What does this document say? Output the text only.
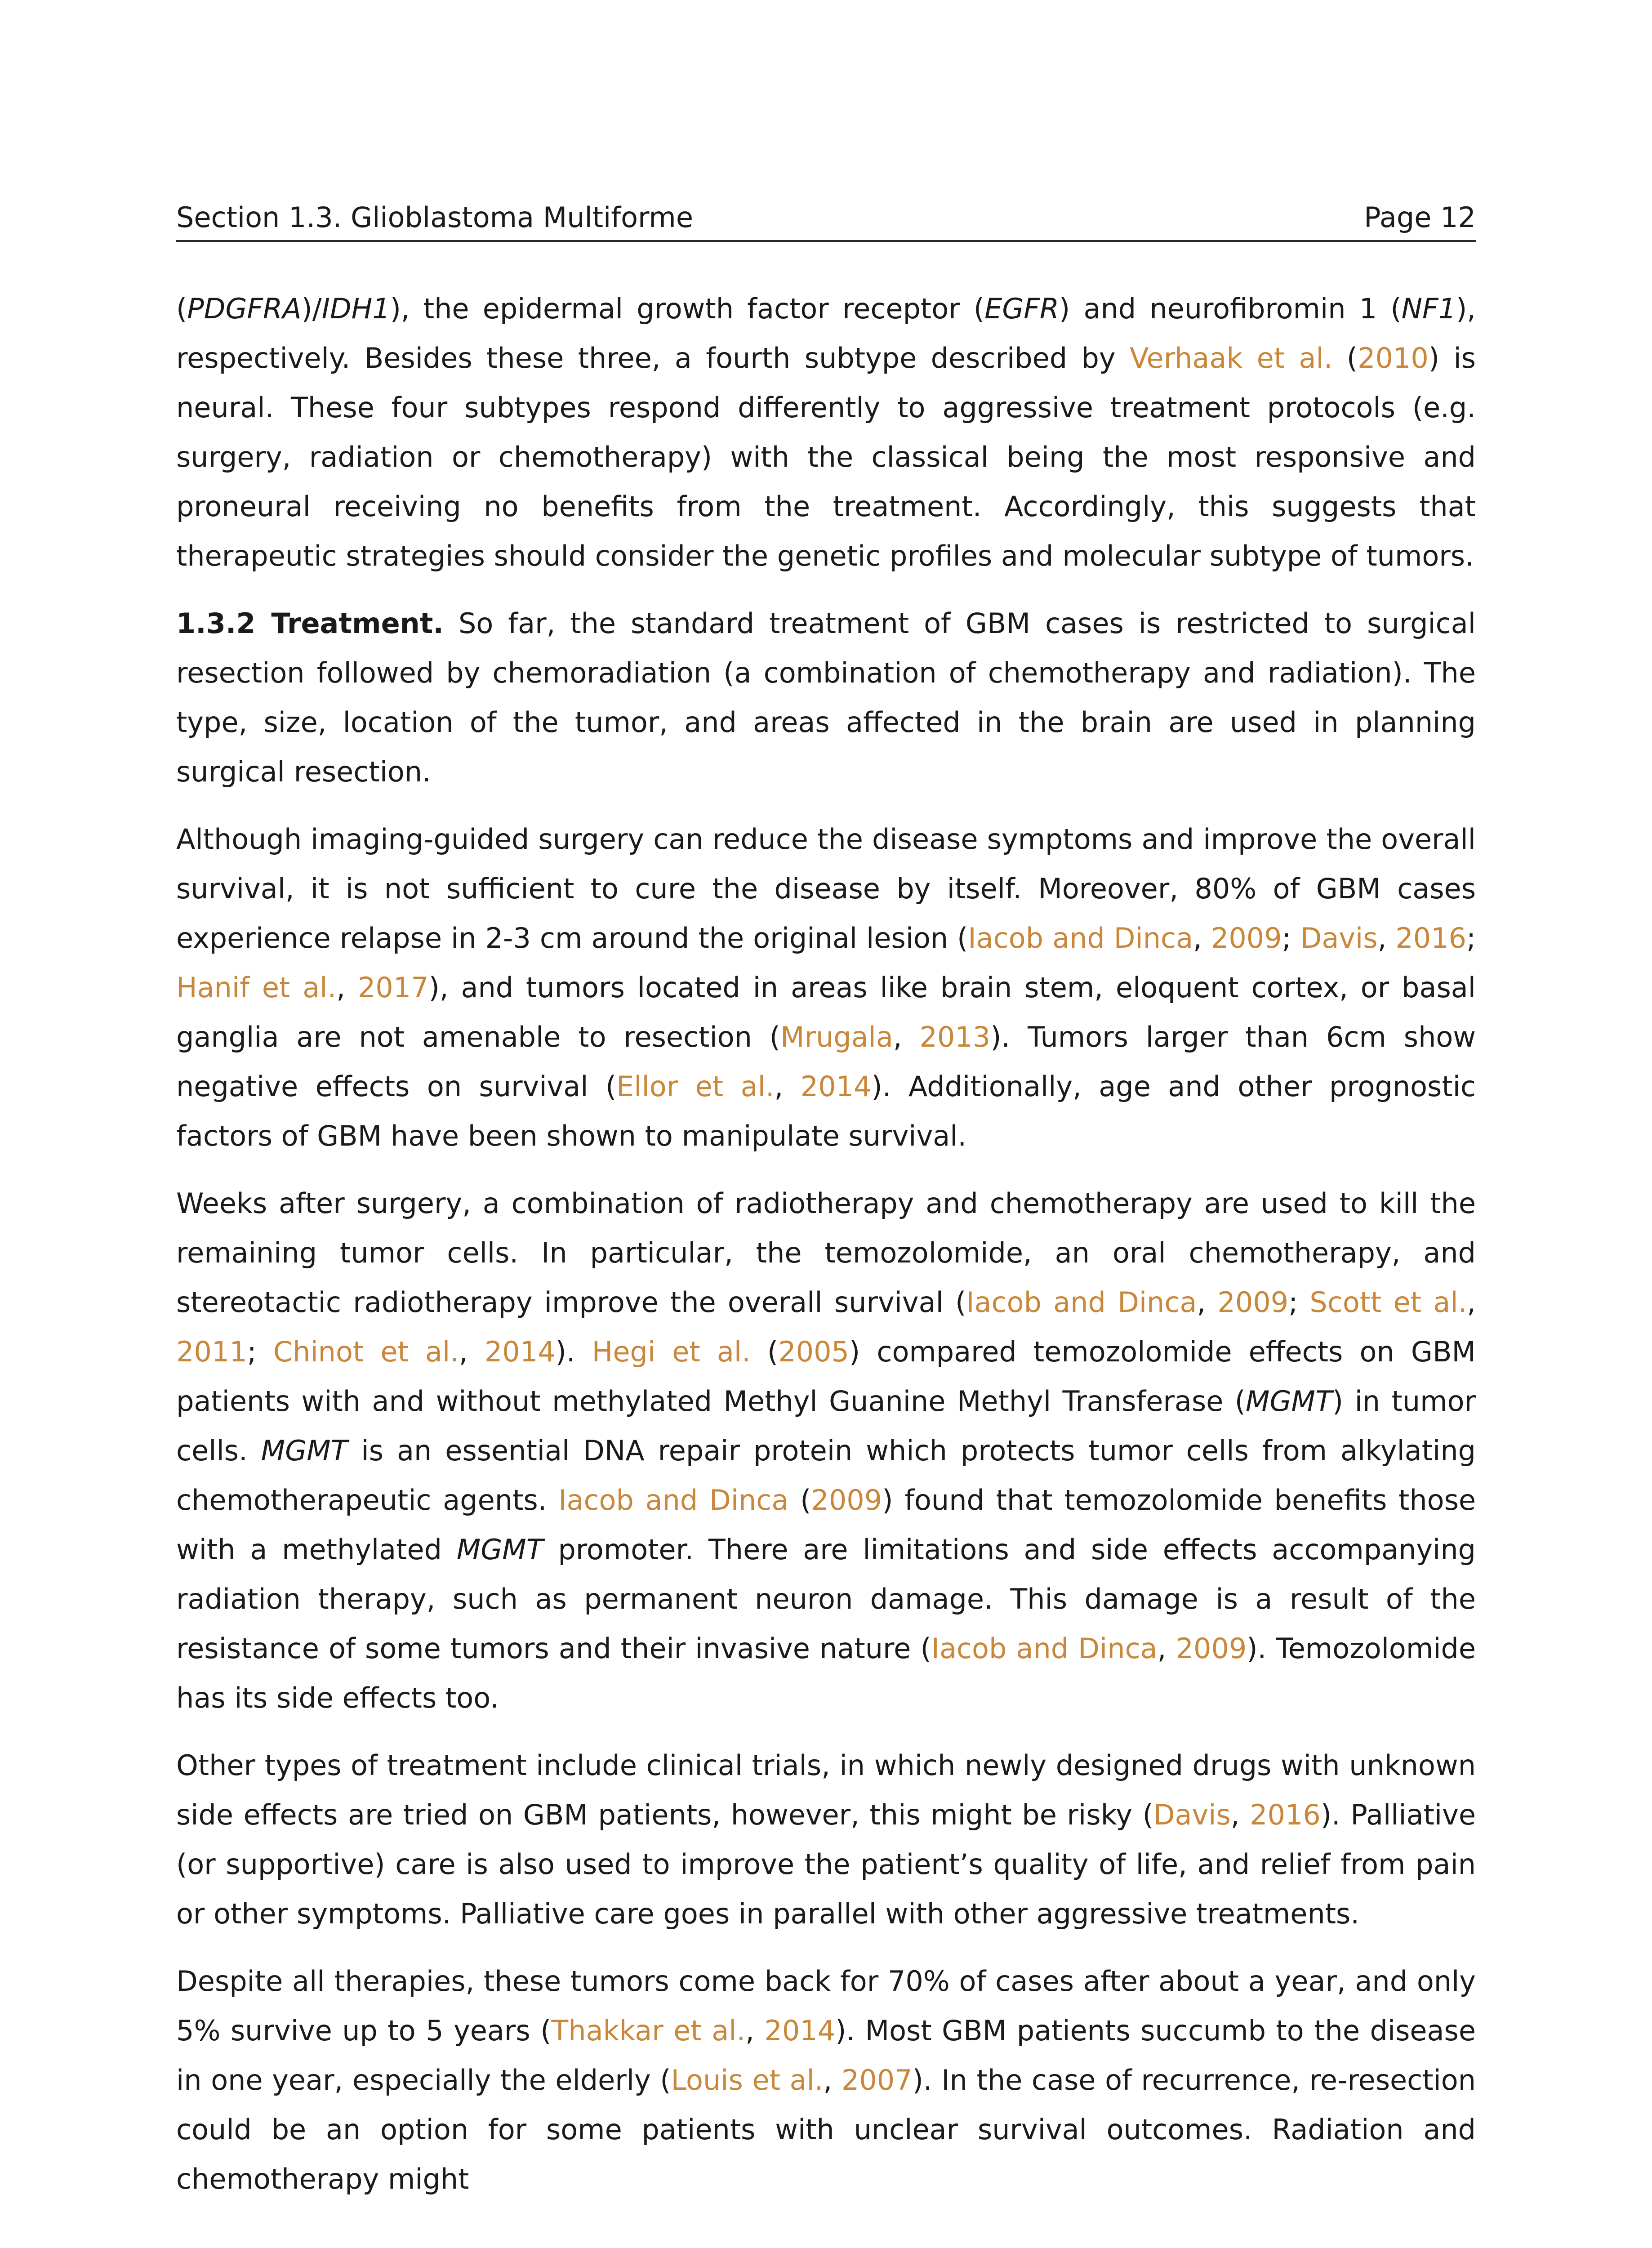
Section 1.3. Glioblastoma Multiforme	Page 12

(PDGFRA)/IDH1), the epidermal growth factor receptor (EGFR) and neurofibromin 1 (NF1), respectively. Besides these three, a fourth subtype described by Verhaak et al. (2010) is neural. These four subtypes respond differently to aggressive treatment protocols (e.g. surgery, radiation or chemotherapy) with the classical being the most responsive and proneural receiving no benefits from the treatment. Accordingly, this suggests that therapeutic strategies should consider the genetic profiles and molecular subtype of tumors.

1.3.2 Treatment. So far, the standard treatment of GBM cases is restricted to surgical resection followed by chemoradiation (a combination of chemotherapy and radiation). The type, size, location of the tumor, and areas affected in the brain are used in planning surgical resection.

Although imaging-guided surgery can reduce the disease symptoms and improve the overall survival, it is not sufficient to cure the disease by itself. Moreover, 80% of GBM cases experience relapse in 2-3 cm around the original lesion (Iacob and Dinca, 2009; Davis, 2016; Hanif et al., 2017), and tumors located in areas like brain stem, eloquent cortex, or basal ganglia are not amenable to resection (Mrugala, 2013). Tumors larger than 6cm show negative effects on survival (Ellor et al., 2014). Additionally, age and other prognostic factors of GBM have been shown to manipulate survival.

Weeks after surgery, a combination of radiotherapy and chemotherapy are used to kill the remaining tumor cells. In particular, the temozolomide, an oral chemotherapy, and stereotactic radiotherapy improve the overall survival (Iacob and Dinca, 2009; Scott et al., 2011; Chinot et al., 2014). Hegi et al. (2005) compared temozolomide effects on GBM patients with and without methylated Methyl Guanine Methyl Transferase (MGMT) in tumor cells. MGMT is an essential DNA repair protein which protects tumor cells from alkylating chemotherapeutic agents. Iacob and Dinca (2009) found that temozolomide benefits those with a methylated MGMT promoter. There are limitations and side effects accompanying radiation therapy, such as permanent neuron damage. This damage is a result of the resistance of some tumors and their invasive nature (Iacob and Dinca, 2009). Temozolomide has its side effects too.

Other types of treatment include clinical trials, in which newly designed drugs with unknown side effects are tried on GBM patients, however, this might be risky (Davis, 2016). Palliative (or supportive) care is also used to improve the patient’s quality of life, and relief from pain or other symptoms. Palliative care goes in parallel with other aggressive treatments.

Despite all therapies, these tumors come back for 70% of cases after about a year, and only 5% survive up to 5 years (Thakkar et al., 2014). Most GBM patients succumb to the disease in one year, especially the elderly (Louis et al., 2007). In the case of recurrence, re-resection could be an option for some patients with unclear survival outcomes. Radiation and chemotherapy might
